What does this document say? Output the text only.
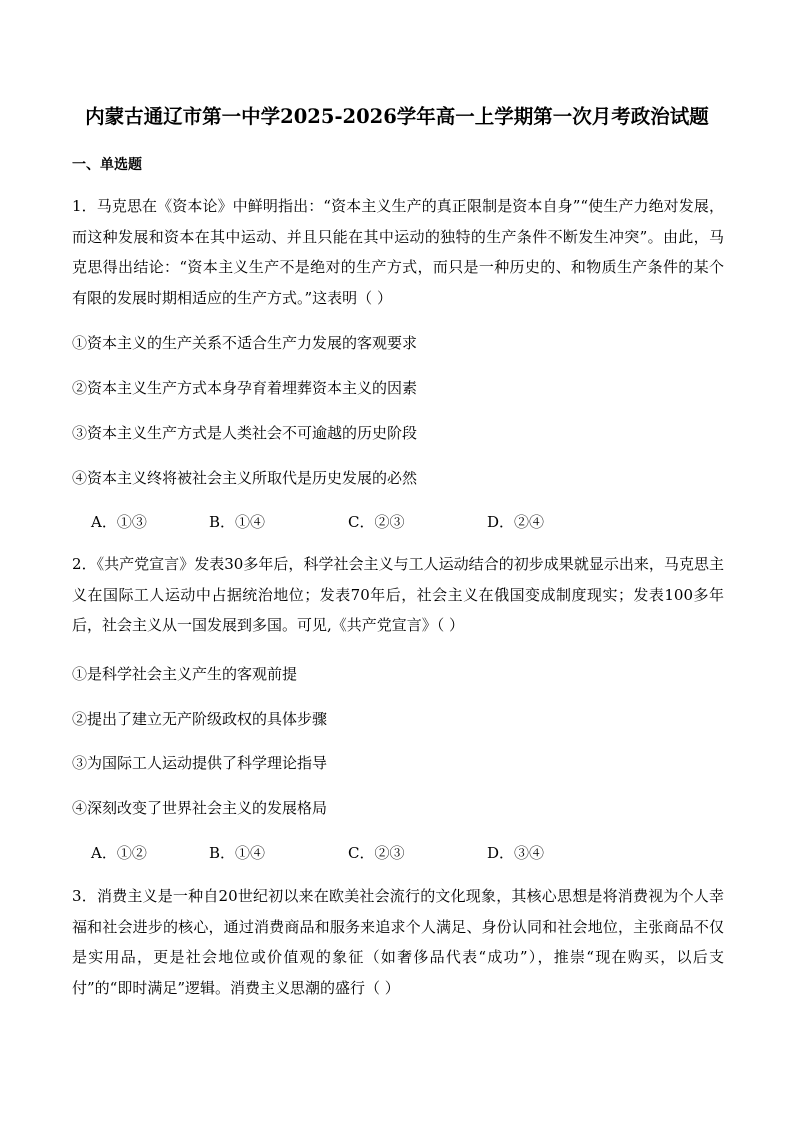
内蒙古通辽市第一中学2025-2026学年高一上学期第一次月考政治试题
一、单选题
1．马克思在《资本论》中鲜明指出：“资本主义生产的真正限制是资本自身”“使生产力绝对发展，而这种发展和资本在其中运动、并且只能在其中运动的独特的生产条件不断发生冲突”。由此，马克思得出结论：“资本主义生产不是绝对的生产方式，而只是一种历史的、和物质生产条件的某个有限的发展时期相适应的生产方式。”这表明（ ）
①资本主义的生产关系不适合生产力发展的客观要求
②资本主义生产方式本身孕育着埋葬资本主义的因素
③资本主义生产方式是人类社会不可逾越的历史阶段
④资本主义终将被社会主义所取代是历史发展的必然
A．①③	B．①④	C．②③	D．②④
2．《共产党宣言》发表30多年后，科学社会主义与工人运动结合的初步成果就显示出来，马克思主义在国际工人运动中占据统治地位；发表70年后，社会主义在俄国变成制度现实；发表100多年后，社会主义从一国发展到多国。可见,《共产党宣言》（ ）
①是科学社会主义产生的客观前提
②提出了建立无产阶级政权的具体步骤
③为国际工人运动提供了科学理论指导
④深刻改变了世界社会主义的发展格局
A．①②	B．①④	C．②③	D．③④
3．消费主义是一种自20世纪初以来在欧美社会流行的文化现象，其核心思想是将消费视为个人幸福和社会进步的核心，通过消费商品和服务来追求个人满足、身份认同和社会地位，主张商品不仅是实用品，更是社会地位或价值观的象征（如奢侈品代表“成功”），推崇“现在购买，以后支付”的“即时满足”逻辑。消费主义思潮的盛行（ ）
